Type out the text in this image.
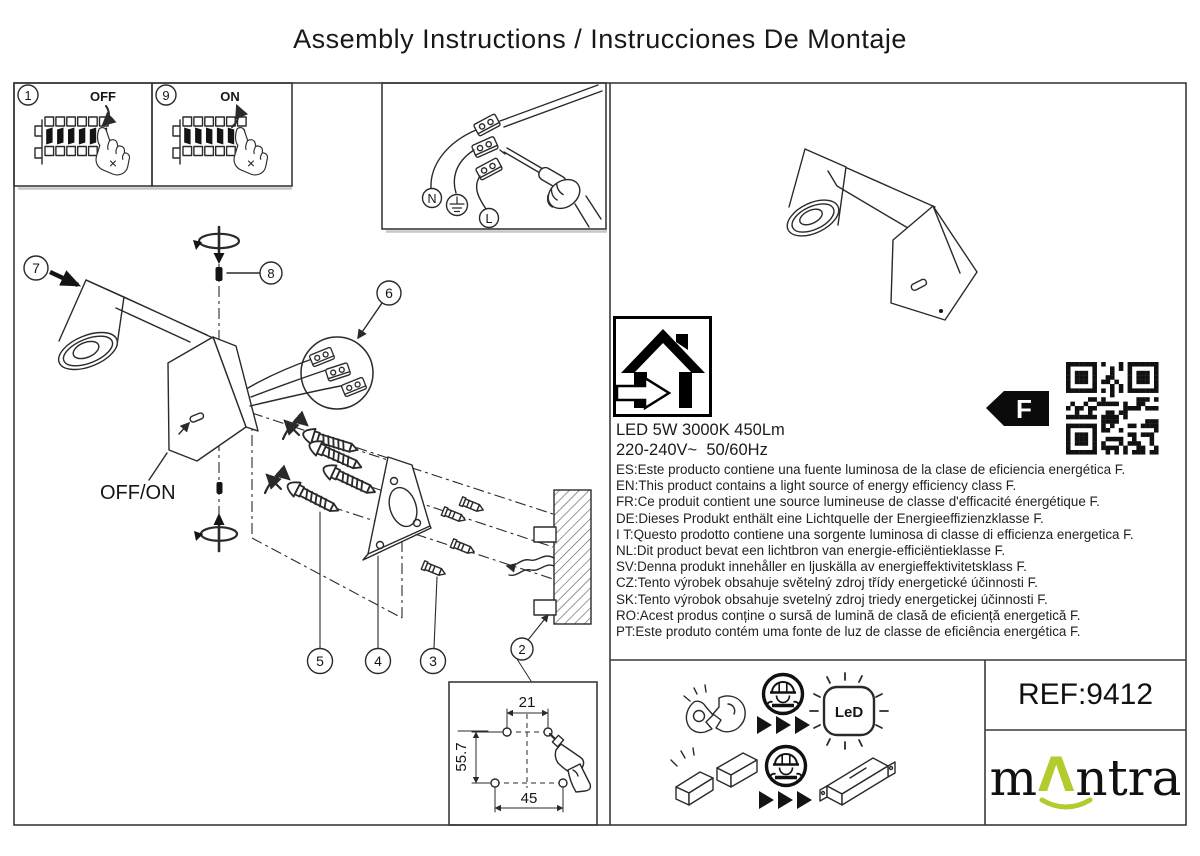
Assembly Instructions / Instrucciones De Montaje
1	OFF	9	ON
N
L
8
7
OFF/ON
6
5	4	3
2
F
LeD
21
55.7
45
LED 5W 3000K 450Lm
220-240V~  50/60Hz
ES:Este producto contiene una fuente luminosa de la clase de eficiencia energética F.
EN:This product contains a light source of energy efficiency class F.
FR:Ce produit contient une source lumineuse de classe d'efficacité énergétique F.
DE:Dieses Produkt enthält eine Lichtquelle der Energieeffizienzklasse F.
I T:Questo prodotto contiene una sorgente luminosa di classe di efficienza energetica F.
NL:Dit product bevat een lichtbron van energie-efficiëntieklasse F.
SV:Denna produkt innehåller en ljuskälla av energieffektivitetsklass F.
CZ:Tento výrobek obsahuje světelný zdroj třídy energetické účinnosti F.
SK:Tento výrobok obsahuje svetelný zdroj triedy energetickej účinnosti F.
RO:Acest produs conține o sursă de lumină de clasă de eficiență energetică F.
PT:Este produto contém uma fonte de luz de classe de eficiência energética F.
REF:9412
m Λ ntra
